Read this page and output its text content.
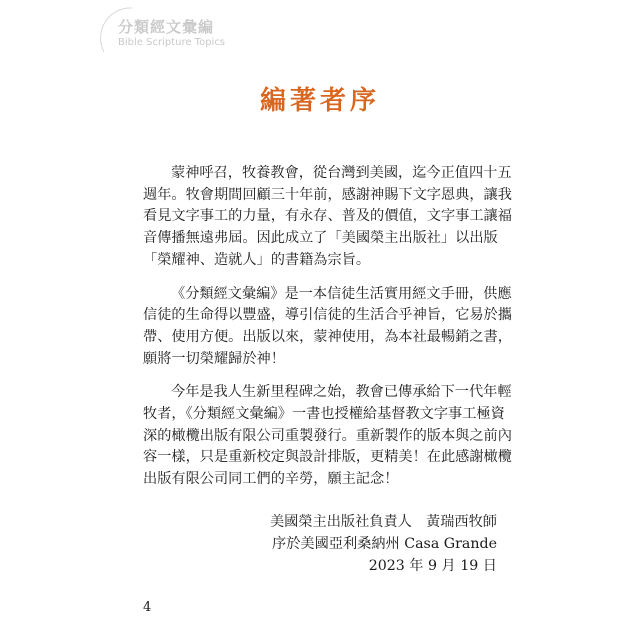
分類經文彙編
Bible Scripture Topics
編著者序

蒙神呼召，牧養教會，從台灣到美國，迄今正值四十五
週年。牧會期間回顧三十年前，感謝神賜下文字恩典，讓我
看見文字事工的力量，有永存、普及的價值，文字事工讓福
音傳播無遠弗屆。因此成立了「美國榮主出版社」以出版
「榮耀神、造就人」的書籍為宗旨。

《分類經文彙編》是一本信徒生活實用經文手冊，供應
信徒的生命得以豐盛，導引信徒的生活合乎神旨，它易於攜
帶、使用方便。出版以來，蒙神使用，為本社最暢銷之書，
願將一切榮耀歸於神！

今年是我人生新里程碑之始，教會已傳承給下一代年輕
牧者，《分類經文彙編》一書也授權給基督教文字事工極資
深的橄欖出版有限公司重製發行。重新製作的版本與之前內
容一樣，只是重新校定與設計排版，更精美！在此感謝橄欖
出版有限公司同工們的辛勞，願主記念！

美國榮主出版社負責人　黃瑞西牧師
序於美國亞利桑納州 Casa Grande
2023 年 9 月 19 日
4
